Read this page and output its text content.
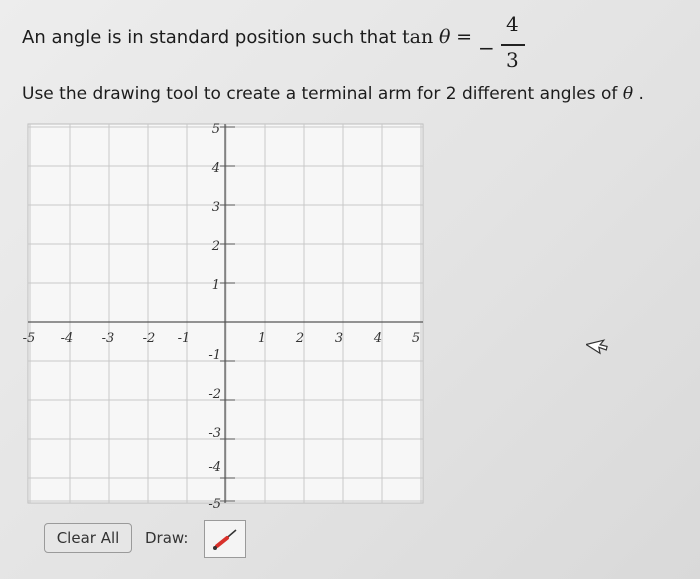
An angle is in standard position such that tan θ = −
4
3
Use the drawing tool to create a terminal arm for 2 different angles of θ .
-5 -4 -3 -2 -1	1 2 3 4 5
5
4
3
2
1
-1
-2
-3
-4
-5
Clear All Draw:
